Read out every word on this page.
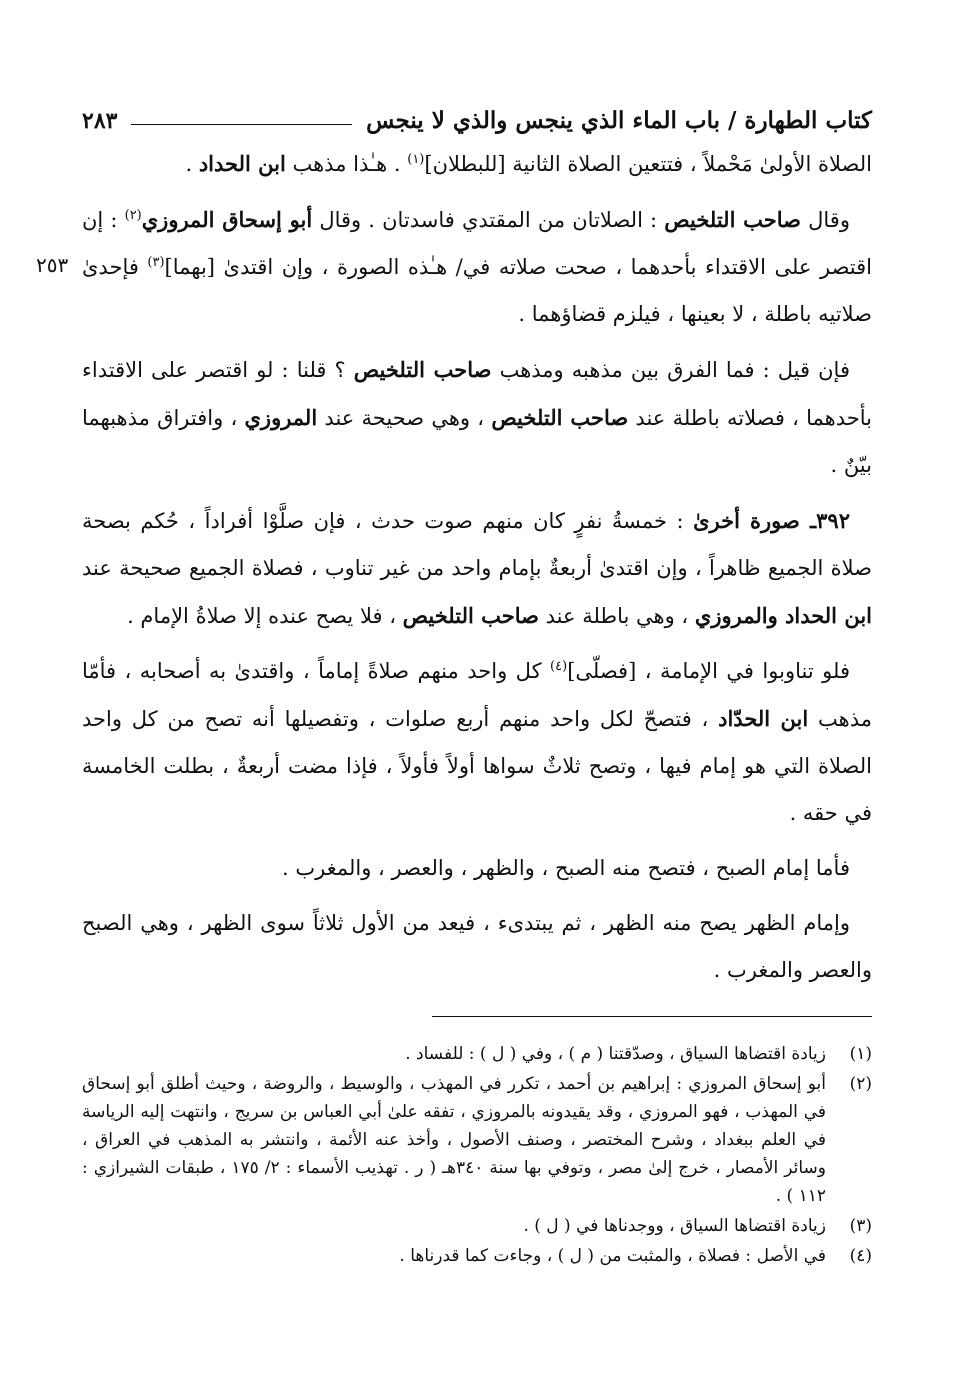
كتاب الطهارة / باب الماء الذي ينجس والذي لا ينجس
٢٨٣
٢٥٣

الصلاة الأولىٰ مَحْملاً ، فتتعين الصلاة الثانية [للبطلان]$^{(١)}$ . هـٰذا مذهب ابن الحداد .

وقال صاحب التلخيص : الصلاتان من المقتدي فاسدتان . وقال أبو إسحاق المروزي$^{(٢)}$ : إن اقتصر على الاقتداء بأحدهما ، صحت صلاته في/ هـٰذه الصورة ، وإن اقتدىٰ [بهما]$^{(٣)}$ فإحدىٰ صلاتيه باطلة ، لا بعينها ، فيلزم قضاؤهما .

فإن قيل : فما الفرق بين مذهبه ومذهب صاحب التلخيص ؟ قلنا : لو اقتصر على الاقتداء بأحدهما ، فصلاته باطلة عند صاحب التلخيص ، وهي صحيحة عند المروزي ، وافتراق مذهبهما بيّنٌ .

٣٩٢ـ صورة أخرىٰ : خمسةُ نفرٍ كان منهم صوت حدث ، فإن صلَّوْا أفراداً ، حُكم بصحة صلاة الجميع ظاهراً ، وإن اقتدىٰ أربعةٌ بإمام واحد من غير تناوب ، فصلاة الجميع صحيحة عند ابن الحداد والمروزي ، وهي باطلة عند صاحب التلخيص ، فلا يصح عنده إلا صلاةُ الإمام .

فلو تناوبوا في الإمامة ، [فصلّى]$^{(٤)}$ كل واحد منهم صلاةً إماماً ، واقتدىٰ به أصحابه ، فأمّا مذهب ابن الحدّاد ، فتصحّ لكل واحد منهم أربع صلوات ، وتفصيلها أنه تصح من كل واحد الصلاة التي هو إمام فيها ، وتصح ثلاثٌ سواها أولاً فأولاً ، فإذا مضت أربعةٌ ، بطلت الخامسة في حقه .

فأما إمام الصبح ، فتصح منه الصبح ، والظهر ، والعصر ، والمغرب .

وإمام الظهر يصح منه الظهر ، ثم يبتدىء ، فيعد من الأول ثلاثاً سوى الظهر ، وهي الصبح والعصر والمغرب .

(١)
زيادة اقتضاها السياق ، وصدّقتنا ( م ) ، وفي ( ل ) : للفساد .
(٢)
أبو إسحاق المروزي : إبراهيم بن أحمد ، تكرر في المهذب ، والوسيط ، والروضة ، وحيث أطلق أبو إسحاق في المهذب ، فهو المروزي ، وقد يقيدونه بالمروزي ، تفقه علىٰ أبي العباس بن سريج ، وانتهت إليه الرياسة في العلم ببغداد ، وشرح المختصر ، وصنف الأصول ، وأخذ عنه الأئمة ، وانتشر به المذهب في العراق ، وسائر الأمصار ، خرج إلىٰ مصر ، وتوفي بها سنة ٣٤٠هـ ( ر . تهذيب الأسماء : ٢/ ١٧٥ ، طبقات الشيرازي : ١١٢ ) .
(٣)
زيادة اقتضاها السياق ، ووجدناها في ( ل ) .
(٤)
في الأصل : فصلاة ، والمثبت من ( ل ) ، وجاءت كما قدرناها .
